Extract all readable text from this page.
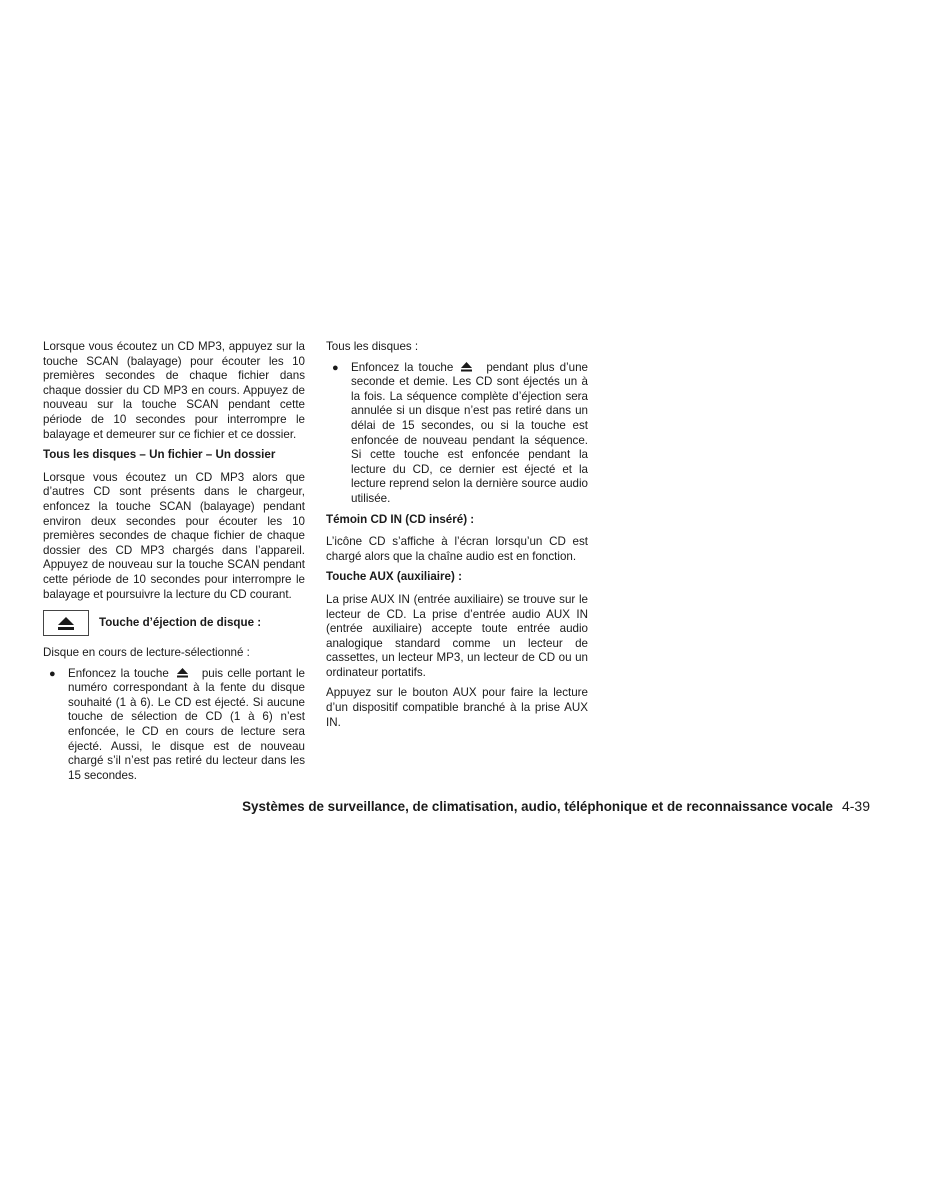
Lorsque vous écoutez un CD MP3, appuyez sur la touche SCAN (balayage) pour écouter les 10 premières secondes de chaque fichier dans chaque dossier du CD MP3 en cours. Appuyez de nouveau sur la touche SCAN pendant cette période de 10 secondes pour interrompre le balayage et demeurer sur ce fichier et ce dossier.

Tous les disques – Un fichier – Un dossier

Lorsque vous écoutez un CD MP3 alors que d’autres CD sont présents dans le chargeur, enfoncez la touche SCAN (balayage) pendant environ deux secondes pour écouter les 10 premières secondes de chaque fichier de chaque dossier des CD MP3 chargés dans l’appareil. Appuyez de nouveau sur la touche SCAN pendant cette période de 10 secondes pour interrompre le balayage et poursuivre la lecture du CD courant.

Touche d’éjection de disque :

Disque en cours de lecture-sélectionné :

● Enfoncez la touche	puis celle portant le numéro correspondant à la fente du disque souhaité (1 à 6). Le CD est éjecté. Si aucune touche de sélection de CD (1 à 6) n’est enfoncée, le CD en cours de lecture sera éjecté. Aussi, le disque est de nouveau chargé s’il n’est pas retiré du lecteur dans les 15 secondes.

Tous les disques :

● Enfoncez la touche	pendant plus d’une seconde et demie. Les CD sont éjectés un à la fois. La séquence complète d’éjection sera annulée si un disque n’est pas retiré dans un délai de 15 secondes, ou si la touche est enfoncée de nouveau pendant la séquence. Si cette touche est enfoncée pendant la lecture du CD, ce dernier est éjecté et la lecture reprend selon la dernière source audio utilisée.

Témoin CD IN (CD inséré) :

L’icône CD s’affiche à l’écran lorsqu’un CD est chargé alors que la chaîne audio est en fonction.

Touche AUX (auxiliaire) :

La prise AUX IN (entrée auxiliaire) se trouve sur le lecteur de CD. La prise d’entrée audio AUX IN (entrée auxiliaire) accepte toute entrée audio analogique standard comme un lecteur de cassettes, un lecteur MP3, un lecteur de CD ou un ordinateur portatifs.

Appuyez sur le bouton AUX pour faire la lecture d’un dispositif compatible branché à la prise AUX IN.

Systèmes de surveillance, de climatisation, audio, téléphonique et de reconnaissance vocale 4-39
